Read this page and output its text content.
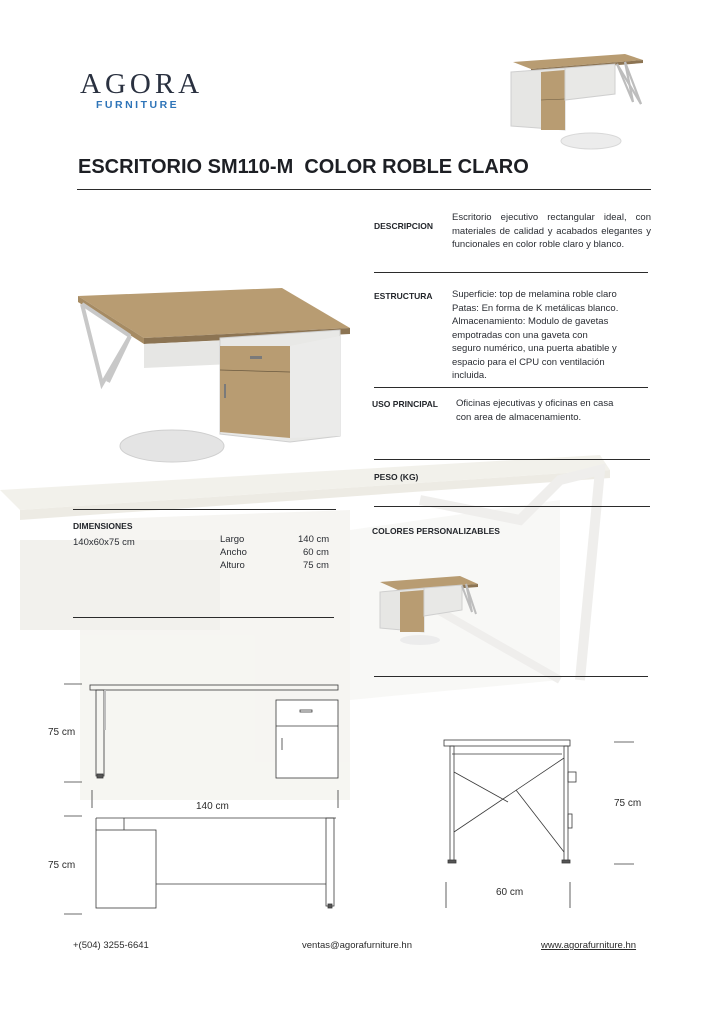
AGORA
FURNITURE
ESCRITORIO SM110-M  COLOR ROBLE CLARO
DESCRIPCION
Escritorio ejecutivo rectangular ideal, con materiales de calidad y acabados elegantes y funcionales en color roble claro y blanco.
ESTRUCTURA Superficie: top de melamina roble claro
Patas: En forma de K metálicas blanco.
Almacenamiento: Modulo de gavetas
empotradas con una gaveta con
seguro numérico, una puerta abatible y
espacio para el CPU con ventilación
incluida.
USO PRINCIPAL Oficinas ejecutivas y oficinas en casa
con area de almacenamiento.
PESO (KG)
COLORES PERSONALIZABLES
DIMENSIONES
140x60x75 cm	Largo	140 cm
Ancho	60 cm
Alturo	75 cm
75 cm
140 cm
75 cm
75 cm
60 cm
+(504) 3255-6641	ventas@agorafurniture.hn	www.agorafurniture.hn
